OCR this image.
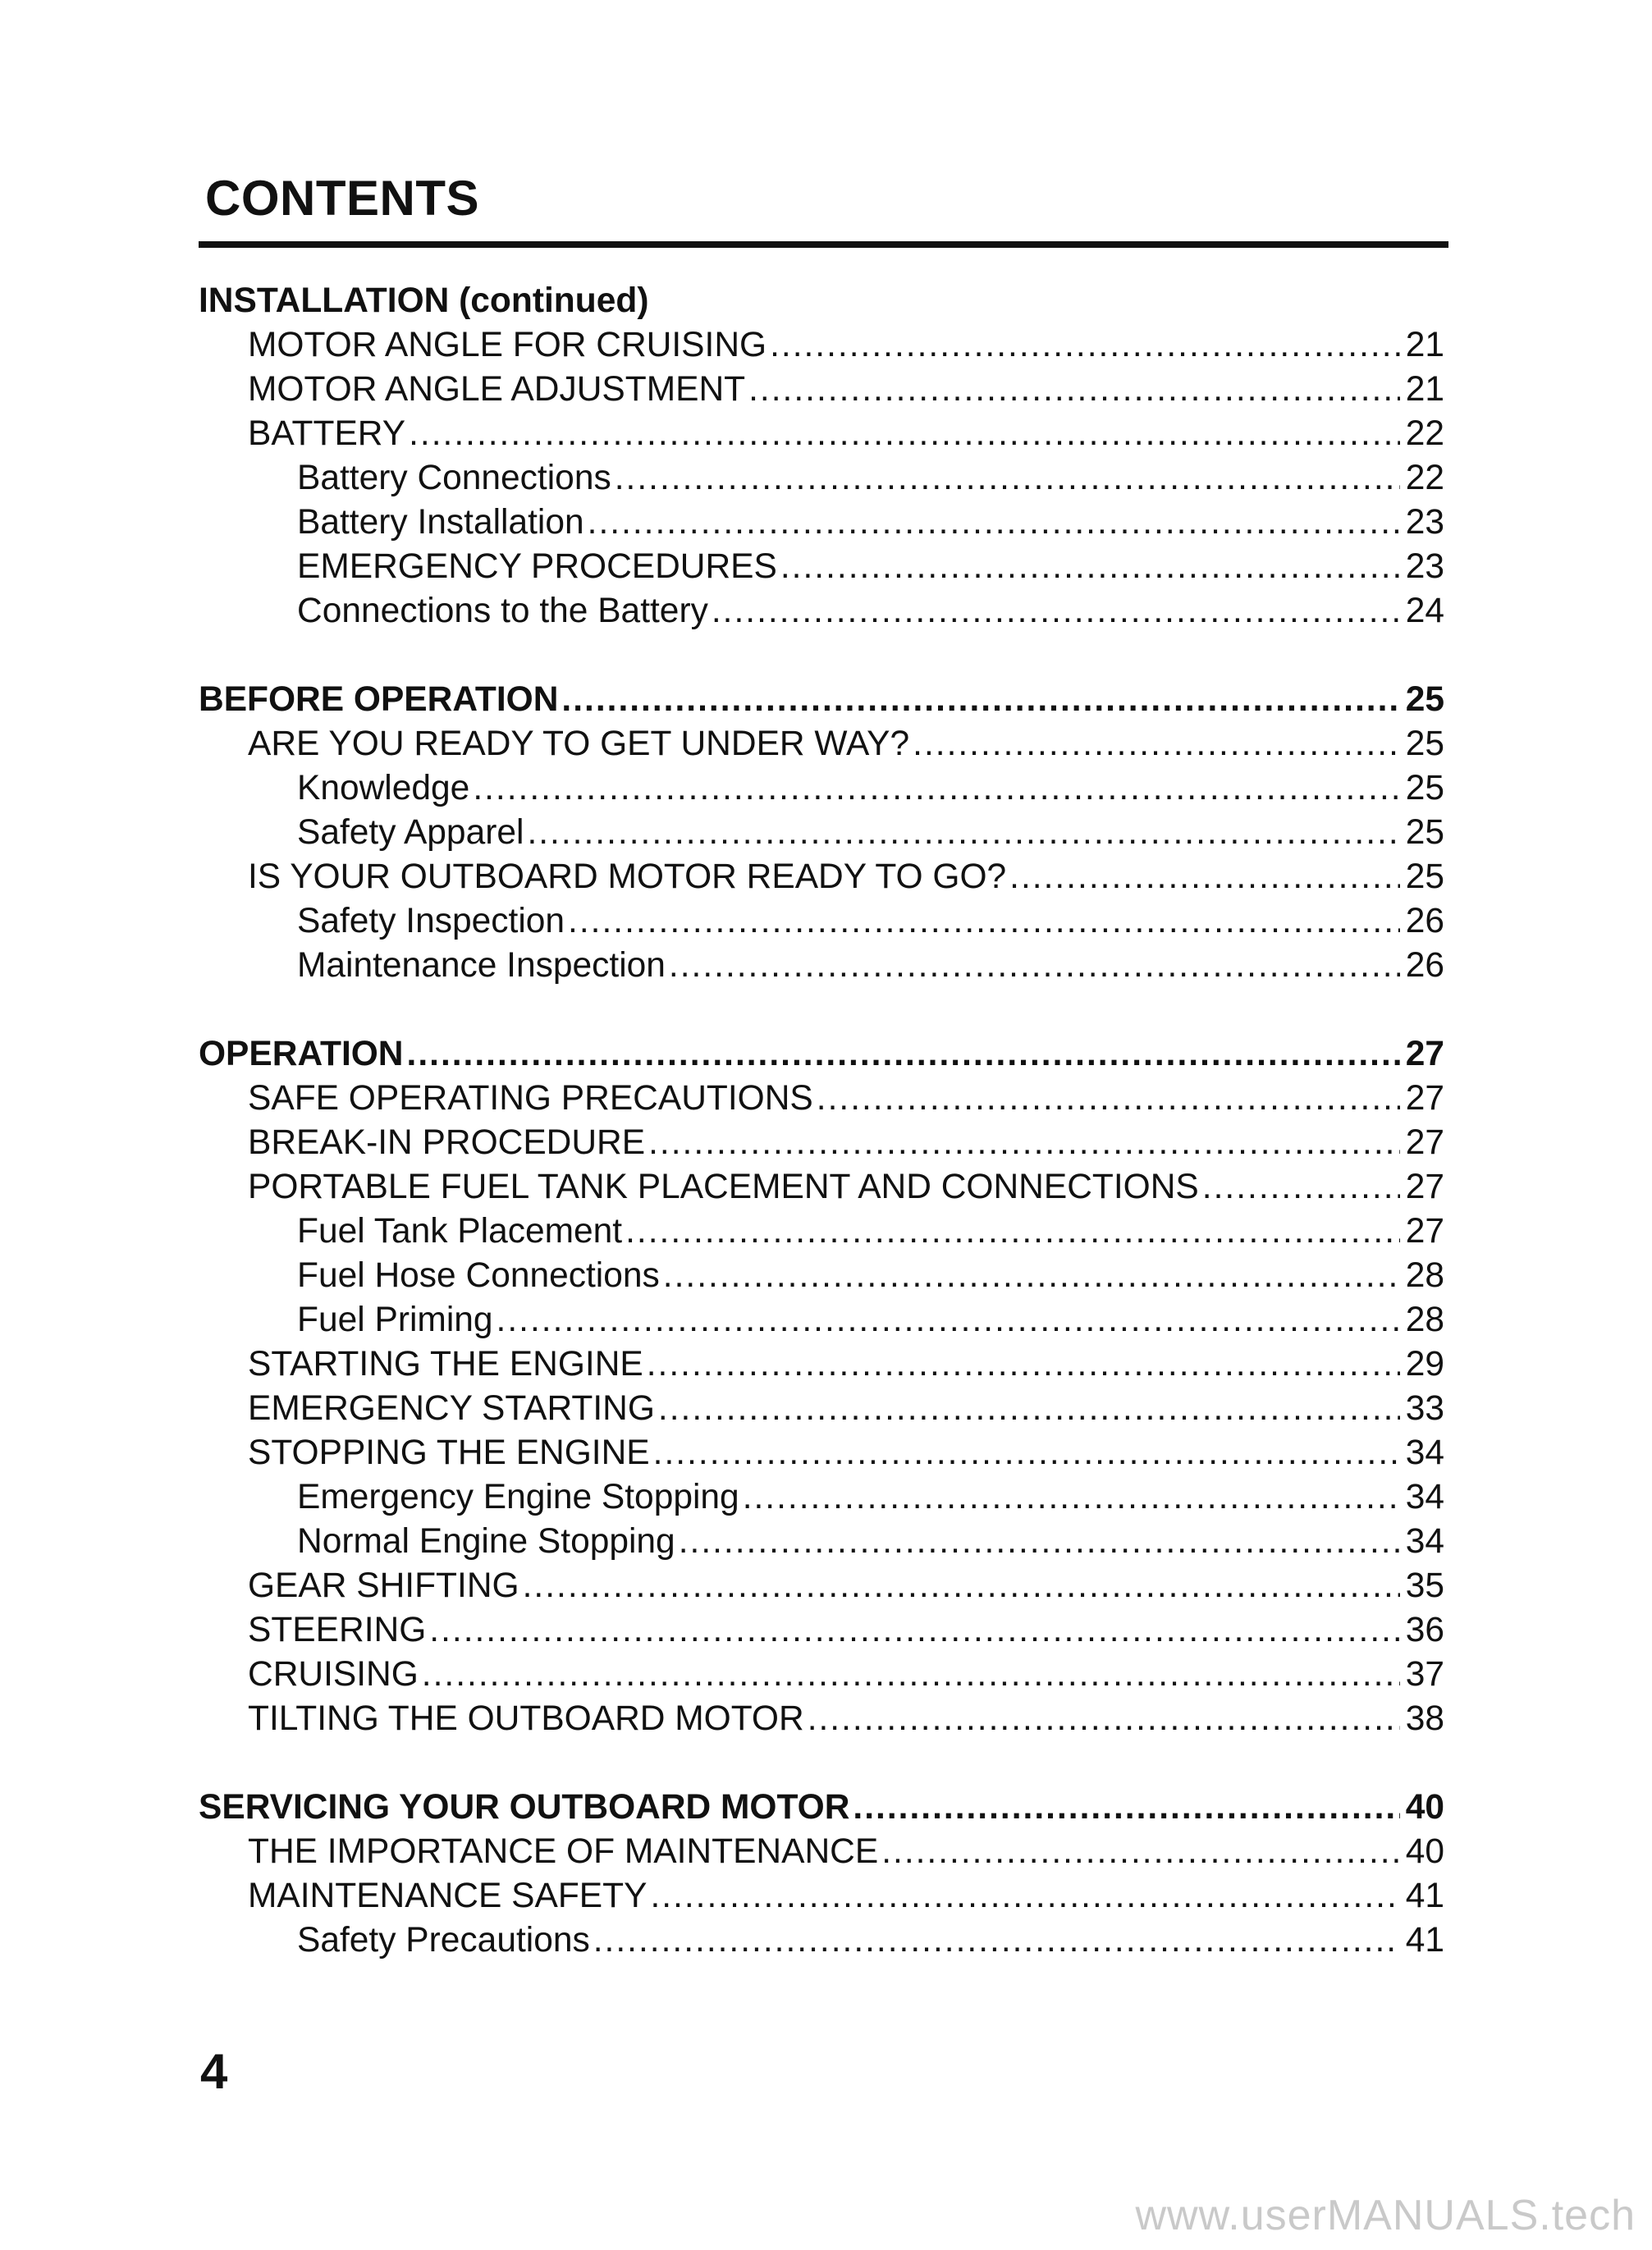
CONTENTS
INSTALLATION (continued)
MOTOR ANGLE FOR CRUISING .....	21
MOTOR ANGLE ADJUSTMENT .....	21
BATTERY .....	22
Battery Connections .....	22
Battery Installation .....	23
EMERGENCY PROCEDURES .....	23
Connections to the Battery .....	24
BEFORE OPERATION .....	25
ARE YOU READY TO GET UNDER WAY? .....	25
Knowledge .....	25
Safety Apparel .....	25
IS YOUR OUTBOARD MOTOR READY TO GO? .....	25
Safety Inspection .....	26
Maintenance Inspection .....	26
OPERATION .....	27
SAFE OPERATING PRECAUTIONS .....	27
BREAK-IN PROCEDURE .....	27
PORTABLE FUEL TANK PLACEMENT AND CONNECTIONS .....	27
Fuel Tank Placement .....	27
Fuel Hose Connections .....	28
Fuel Priming .....	28
STARTING THE ENGINE .....	29
EMERGENCY STARTING .....	33
STOPPING THE ENGINE .....	34
Emergency Engine Stopping .....	34
Normal Engine Stopping .....	34
GEAR SHIFTING .....	35
STEERING .....	36
CRUISING .....	37
TILTING THE OUTBOARD MOTOR .....	38
SERVICING YOUR OUTBOARD MOTOR .....	40
THE IMPORTANCE OF MAINTENANCE .....	40
MAINTENANCE SAFETY .....	41
Safety Precautions .....	41
4
www.userMANUALS.tech
